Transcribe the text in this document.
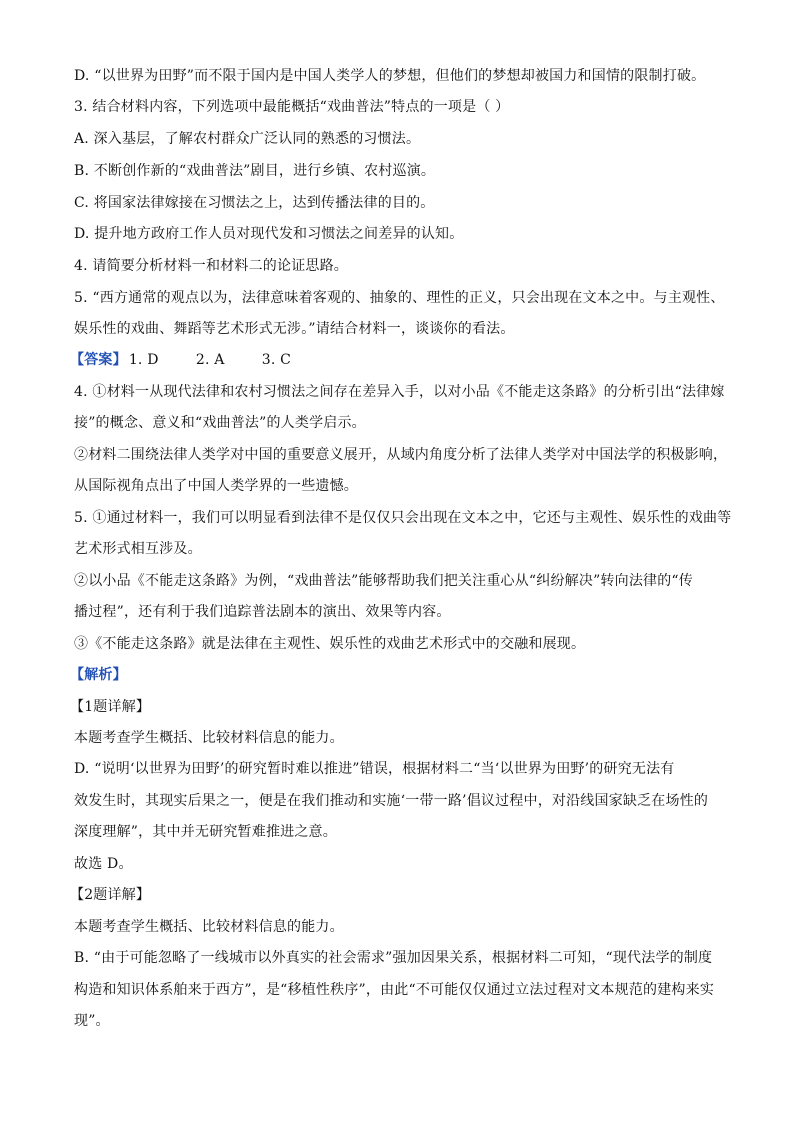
D. “以世界为田野”而不限于国内是中国人类学人的梦想，但他们的梦想却被国力和国情的限制打破。
3. 结合材料内容，下列选项中最能概括“戏曲普法”特点的一项是（ ）
A. 深入基层，了解农村群众广泛认同的熟悉的习惯法。
B. 不断创作新的“戏曲普法”剧目，进行乡镇、农村巡演。
C. 将国家法律嫁接在习惯法之上，达到传播法律的目的。
D. 提升地方政府工作人员对现代发和习惯法之间差异的认知。
4. 请简要分析材料一和材料二的论证思路。
5. “西方通常的观点以为，法律意味着客观的、抽象的、理性的正义，只会出现在文本之中。与主观性、
娱乐性的戏曲、舞蹈等艺术形式无涉。”请结合材料一，谈谈你的看法。
【答案】 1. D        2. A        3. C
4. ①材料一从现代法律和农村习惯法之间存在差异入手，以对小品《不能走这条路》的分析引出“法律嫁
接”的概念、意义和“戏曲普法”的人类学启示。
②材料二围绕法律人类学对中国的重要意义展开，从域内角度分析了法律人类学对中国法学的积极影响，
从国际视角点出了中国人类学界的一些遗憾。
5. ①通过材料一，我们可以明显看到法律不是仅仅只会出现在文本之中，它还与主观性、娱乐性的戏曲等
艺术形式相互涉及。
②以小品《不能走这条路》为例，“戏曲普法”能够帮助我们把关注重心从“纠纷解决”转向法律的“传
播过程”，还有利于我们追踪普法剧本的演出、效果等内容。
③《不能走这条路》就是法律在主观性、娱乐性的戏曲艺术形式中的交融和展现。
【解析】
【1题详解】
本题考查学生概括、比较材料信息的能力。
D. “说明‘以世界为田野’的研究暂时难以推进”错误，根据材料二“当‘以世界为田野’的研究无法有
效发生时，其现实后果之一，便是在我们推动和实施‘一带一路’倡议过程中，对沿线国家缺乏在场性的
深度理解”，其中并无研究暂难推进之意。
故选 D。
【2题详解】
本题考查学生概括、比较材料信息的能力。
B. “由于可能忽略了一线城市以外真实的社会需求”强加因果关系，根据材料二可知，“现代法学的制度
构造和知识体系舶来于西方”，是“移植性秩序”，由此“不可能仅仅通过立法过程对文本规范的建构来实
现”。
